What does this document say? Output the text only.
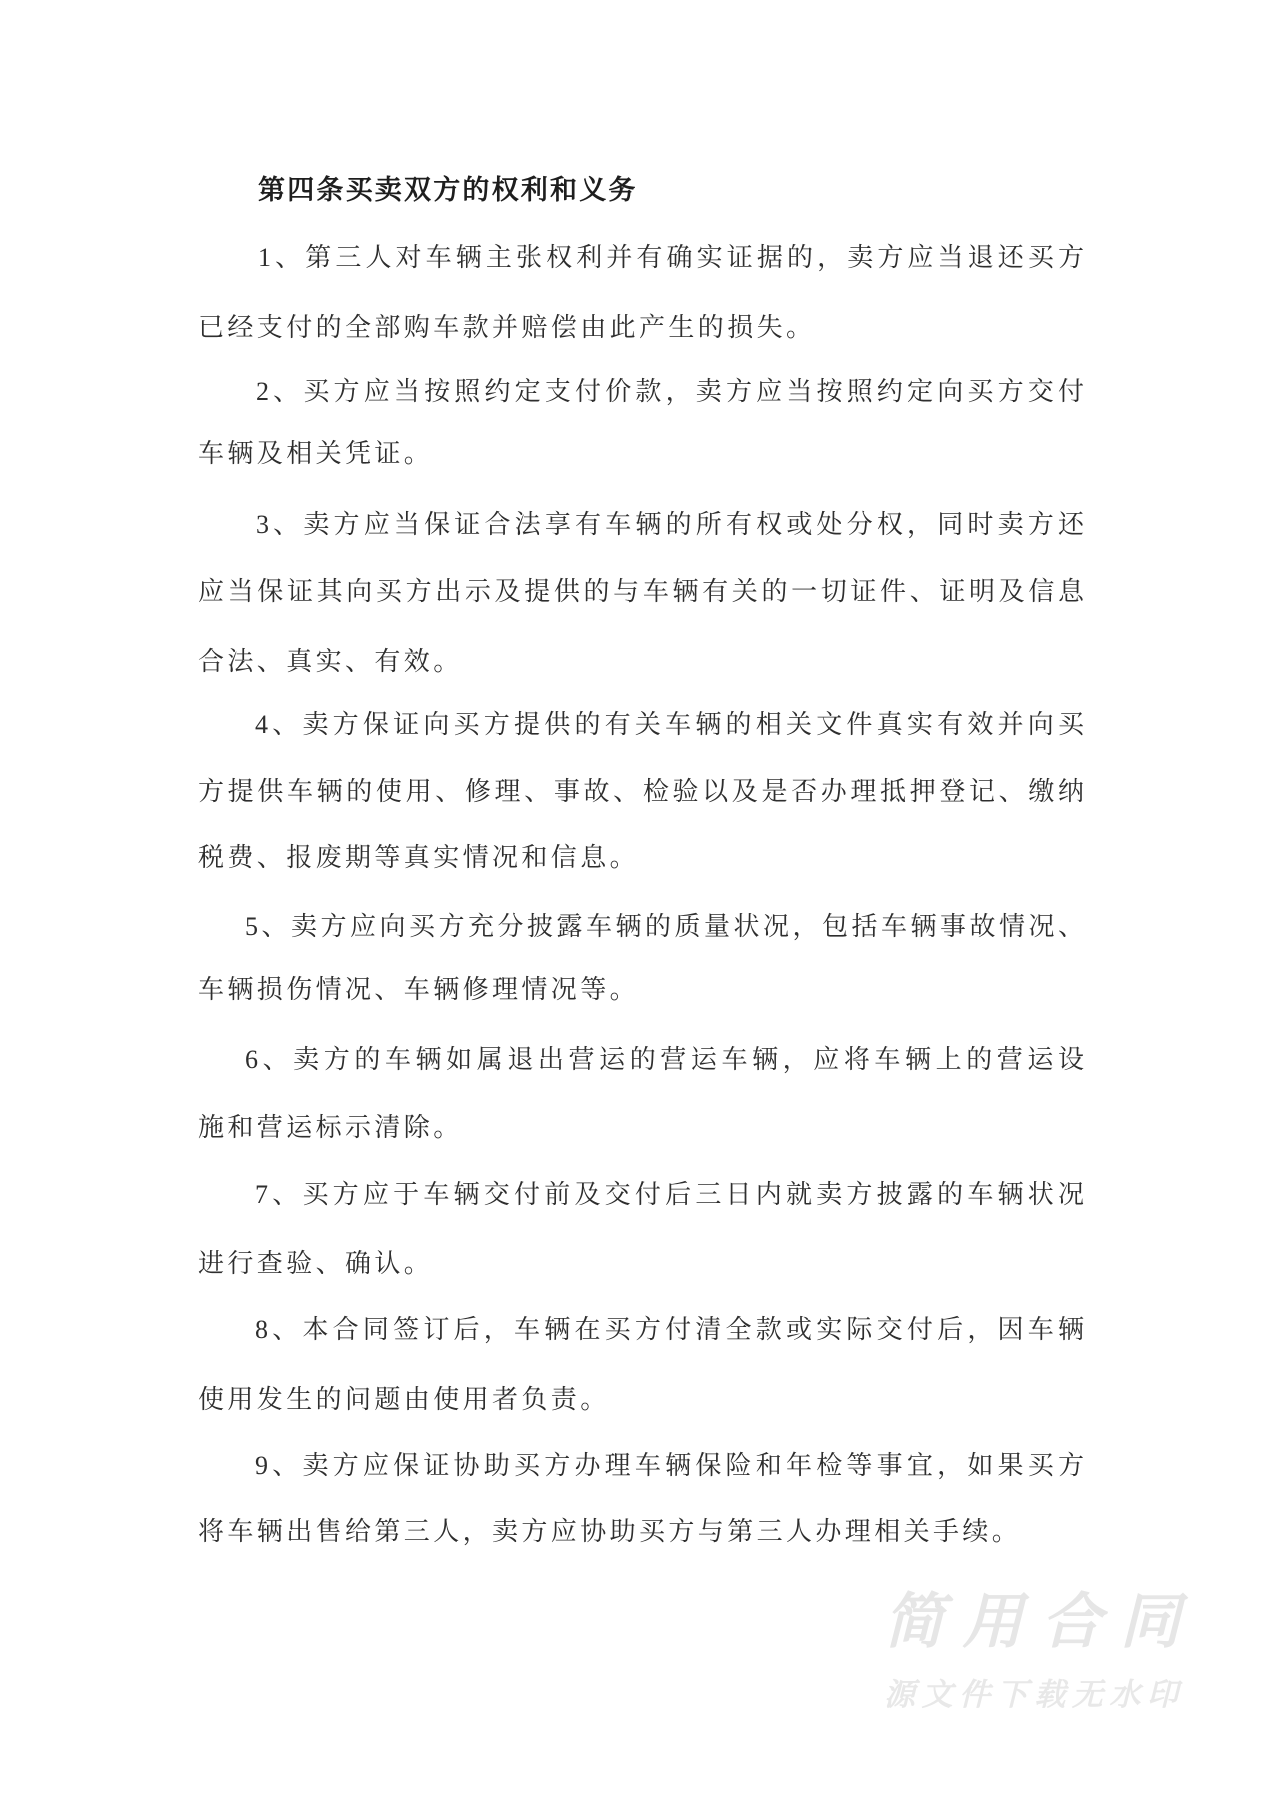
第四条买卖双方的权利和义务
1、第三人对车辆主张权利并有确实证据的，卖方应当退还买方
已经支付的全部购车款并赔偿由此产生的损失。
2、买方应当按照约定支付价款，卖方应当按照约定向买方交付
车辆及相关凭证。
3、卖方应当保证合法享有车辆的所有权或处分权，同时卖方还
应当保证其向买方出示及提供的与车辆有关的一切证件、证明及信息
合法、真实、有效。
4、卖方保证向买方提供的有关车辆的相关文件真实有效并向买
方提供车辆的使用、修理、事故、检验以及是否办理抵押登记、缴纳
税费、报废期等真实情况和信息。
5、卖方应向买方充分披露车辆的质量状况，包括车辆事故情况、
车辆损伤情况、车辆修理情况等。
6、卖方的车辆如属退出营运的营运车辆，应将车辆上的营运设
施和营运标示清除。
7、买方应于车辆交付前及交付后三日内就卖方披露的车辆状况
进行查验、确认。
8、本合同签订后，车辆在买方付清全款或实际交付后，因车辆
使用发生的问题由使用者负责。
9、卖方应保证协助买方办理车辆保险和年检等事宜，如果买方
将车辆出售给第三人，卖方应协助买方与第三人办理相关手续。
简用合同
源文件下载无水印
